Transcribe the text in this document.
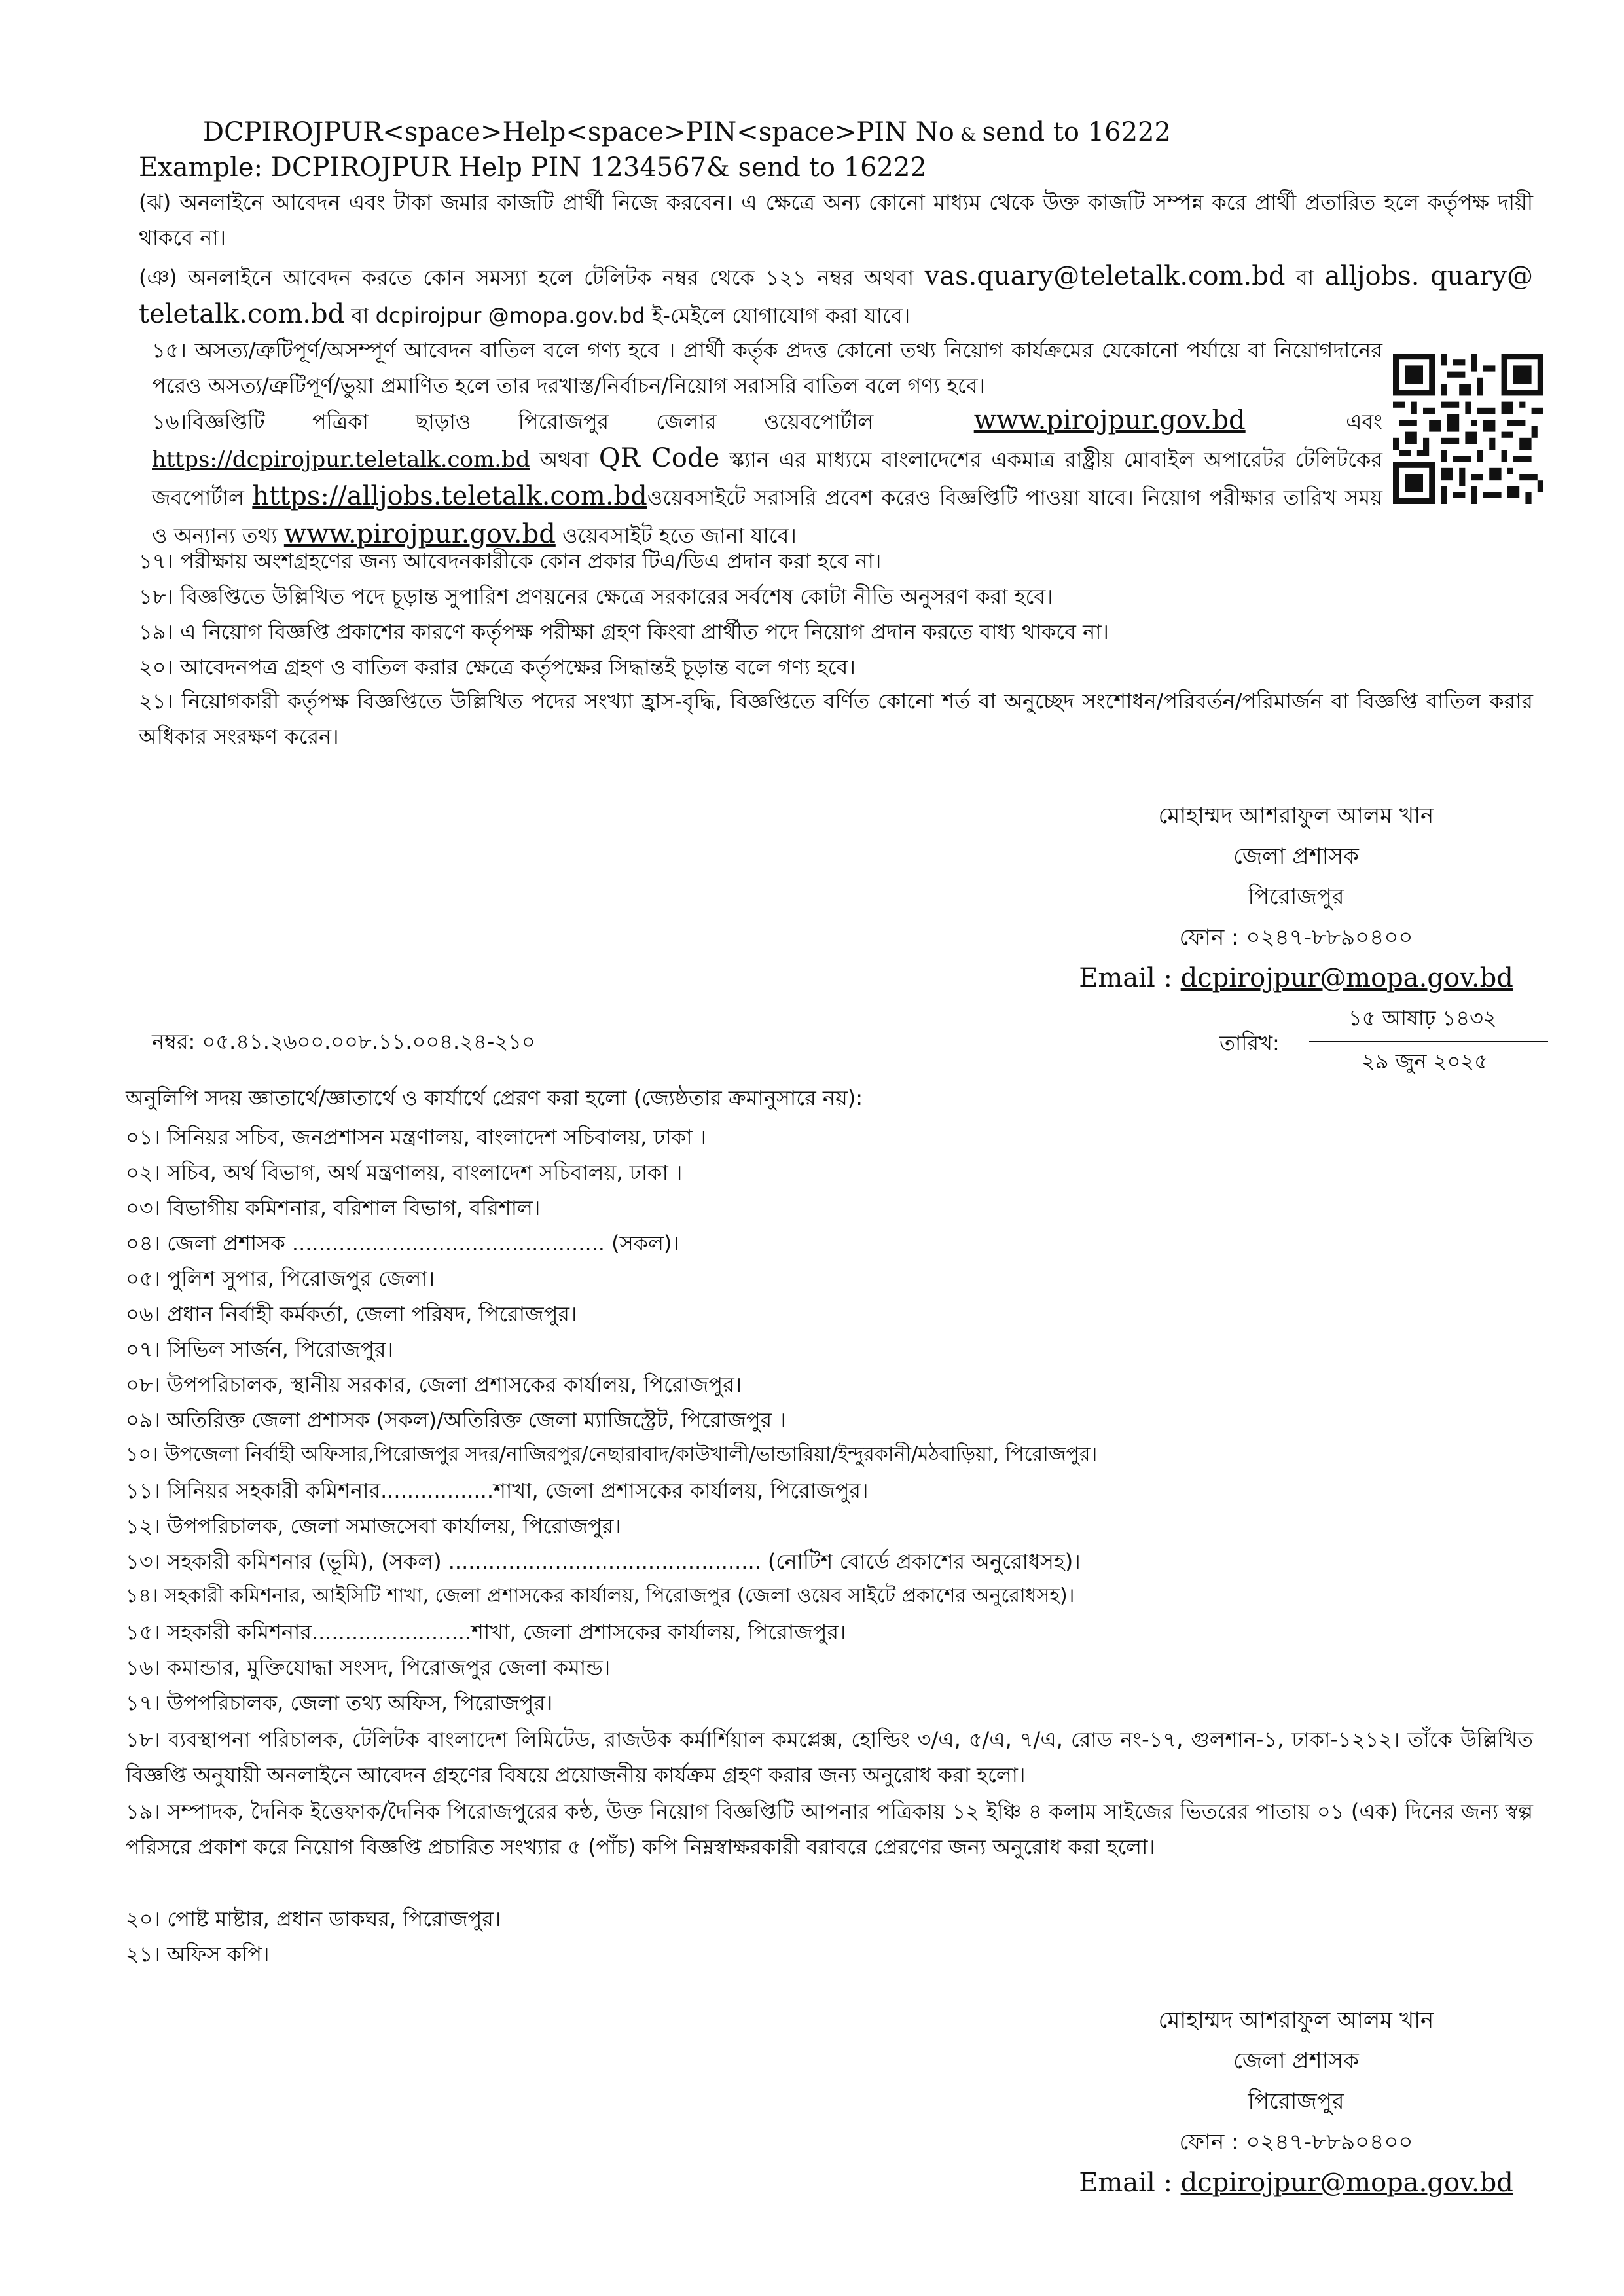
DCPIROJPUR<space>Help<space>PIN<space>PIN No & send to 16222
Example: DCPIROJPUR Help PIN 1234567& send to 16222
(ঝ) অনলাইনে আবেদন এবং টাকা জমার কাজটি প্রার্থী নিজে করবেন। এ ক্ষেত্রে অন্য কোনো মাধ্যম থেকে উক্ত কাজটি সম্পন্ন করে প্রার্থী প্রতারিত হলে কর্তৃপক্ষ দায়ী থাকবে না।
(ঞ) অনলাইনে আবেদন করতে কোন সমস্যা হলে টেলিটক নম্বর থেকে ১২১ নম্বর অথবা vas.quary@teletalk.com.bd বা alljobs. quary@ teletalk.com.bd বা dcpirojpur @mopa.gov.bd ই-মেইলে যোগাযোগ করা যাবে।
১৫। অসত্য/ত্রুটিপূর্ণ/অসম্পূর্ণ আবেদন বাতিল বলে গণ্য হবে । প্রার্থী কর্তৃক প্রদত্ত কোনো তথ্য নিয়োগ কার্যক্রমের যেকোনো পর্যায়ে বা নিয়োগদানের পরেও অসত্য/ত্রুটিপূর্ণ/ভুয়া প্রমাণিত হলে তার দরখাস্ত/নির্বাচন/নিয়োগ সরাসরি বাতিল বলে গণ্য হবে।
১৬।বিজ্ঞপ্তিটি পত্রিকা ছাড়াও পিরোজপুর জেলার ওয়েবপোর্টাল	www.pirojpur.gov.bd	এবং
https://dcpirojpur.teletalk.com.bd অথবা QR Code স্ক্যান এর মাধ্যমে বাংলাদেশের একমাত্র রাষ্ট্রীয় মোবাইল অপারেটর টেলিটকের জবপোর্টাল https://alljobs.teletalk.com.bdওয়েবসাইটে সরাসরি প্রবেশ করেও বিজ্ঞপ্তিটি পাওয়া যাবে। নিয়োগ পরীক্ষার তারিখ সময় ও অন্যান্য তথ্য www.pirojpur.gov.bd ওয়েবসাইট হতে জানা যাবে।
১৭। পরীক্ষায় অংশগ্রহণের জন্য আবেদনকারীকে কোন প্রকার টিএ/ডিএ প্রদান করা হবে না।
১৮। বিজ্ঞপ্তিতে উল্লিখিত পদে চূড়ান্ত সুপারিশ প্রণয়নের ক্ষেত্রে সরকারের সর্বশেষ কোটা নীতি অনুসরণ করা হবে।
১৯। এ নিয়োগ বিজ্ঞপ্তি প্রকাশের কারণে কর্তৃপক্ষ পরীক্ষা গ্রহণ কিংবা প্রার্থীত পদে নিয়োগ প্রদান করতে বাধ্য থাকবে না।
২০। আবেদনপত্র গ্রহণ ও বাতিল করার ক্ষেত্রে কর্তৃপক্ষের সিদ্ধান্তই চূড়ান্ত বলে গণ্য হবে।
২১। নিয়োগকারী কর্তৃপক্ষ বিজ্ঞপ্তিতে উল্লিখিত পদের সংখ্যা হ্রাস-বৃদ্ধি, বিজ্ঞপ্তিতে বর্ণিত কোনো শর্ত বা অনুচ্ছেদ সংশোধন/পরিবর্তন/পরিমার্জন বা বিজ্ঞপ্তি বাতিল করার অধিকার সংরক্ষণ করেন।
মোহাম্মদ আশরাফুল আলম খান
জেলা প্রশাসক
পিরোজপুর
ফোন : ০২৪৭-৮৮৯০৪০০
Email : dcpirojpur@mopa.gov.bd
নম্বর: ০৫.৪১.২৬০০.০০৮.১১.০০৪.২৪-২১০	তারিখ:
১৫ আষাঢ় ১৪৩২
২৯ জুন ২০২৫
অনুলিপি সদয় জ্ঞাতার্থে/জ্ঞাতার্থে ও কার্যার্থে প্রেরণ করা হলো (জ্যেষ্ঠতার ক্রমানুসারে নয়):
০১। সিনিয়র সচিব, জনপ্রশাসন মন্ত্রণালয়, বাংলাদেশ সচিবালয়, ঢাকা ।
০২। সচিব, অর্থ বিভাগ, অর্থ মন্ত্রণালয়, বাংলাদেশ সচিবালয়, ঢাকা ।
০৩। বিভাগীয় কমিশনার, বরিশাল বিভাগ, বরিশাল।
০৪। জেলা প্রশাসক ............................................... (সকল)।
০৫। পুলিশ সুপার, পিরোজপুর জেলা।
০৬। প্রধান নির্বাহী কর্মকর্তা, জেলা পরিষদ, পিরোজপুর।
০৭। সিভিল সার্জন, পিরোজপুর।
০৮। উপপরিচালক, স্থানীয় সরকার, জেলা প্রশাসকের কার্যালয়, পিরোজপুর।
০৯। অতিরিক্ত জেলা প্রশাসক (সকল)/অতিরিক্ত জেলা ম্যাজিস্ট্রেট, পিরোজপুর ।
১০। উপজেলা নির্বাহী অফিসার,পিরোজপুর সদর/নাজিরপুর/নেছারাবাদ/কাউখালী/ভান্ডারিয়া/ইন্দুরকানী/মঠবাড়িয়া, পিরোজপুর।
১১। সিনিয়র সহকারী কমিশনার.................শাখা, জেলা প্রশাসকের কার্যালয়, পিরোজপুর।
১২। উপপরিচালক, জেলা সমাজসেবা কার্যালয়, পিরোজপুর।
১৩। সহকারী কমিশনার (ভূমি), (সকল) ............................................... (নোটিশ বোর্ডে প্রকাশের অনুরোধসহ)।
১৪। সহকারী কমিশনার, আইসিটি শাখা, জেলা প্রশাসকের কার্যালয়, পিরোজপুর (জেলা ওয়েব সাইটে প্রকাশের অনুরোধসহ)।
১৫। সহকারী কমিশনার........................শাখা, জেলা প্রশাসকের কার্যালয়, পিরোজপুর।
১৬। কমান্ডার, মুক্তিযোদ্ধা সংসদ, পিরোজপুর জেলা কমান্ড।
১৭। উপপরিচালক, জেলা তথ্য অফিস, পিরোজপুর।
১৮। ব্যবস্থাপনা পরিচালক, টেলিটক বাংলাদেশ লিমিটেড, রাজউক কর্মার্শিয়াল কমপ্লেক্স, হোল্ডিং ৩/এ, ৫/এ, ৭/এ, রোড নং-১৭, গুলশান-১, ঢাকা-১২১২। তাঁকে উল্লিখিত বিজ্ঞপ্তি অনুযায়ী অনলাইনে আবেদন গ্রহণের বিষয়ে প্রয়োজনীয় কার্যক্রম গ্রহণ করার জন্য অনুরোধ করা হলো।
১৯। সম্পাদক, দৈনিক ইত্তেফাক/দৈনিক পিরোজপুরের কন্ঠ, উক্ত নিয়োগ বিজ্ঞপ্তিটি আপনার পত্রিকায় ১২ ইঞ্চি ৪ কলাম সাইজের ভিতরের পাতায় ০১ (এক) দিনের জন্য স্বল্প পরিসরে প্রকাশ করে নিয়োগ বিজ্ঞপ্তি প্রচারিত সংখ্যার ৫ (পাঁচ) কপি নিম্নস্বাক্ষরকারী বরাবরে প্রেরণের জন্য অনুরোধ করা হলো।
২০। পোষ্ট মাষ্টার, প্রধান ডাকঘর, পিরোজপুর।
২১। অফিস কপি।
মোহাম্মদ আশরাফুল আলম খান
জেলা প্রশাসক
পিরোজপুর
ফোন : ০২৪৭-৮৮৯০৪০০
Email : dcpirojpur@mopa.gov.bd
